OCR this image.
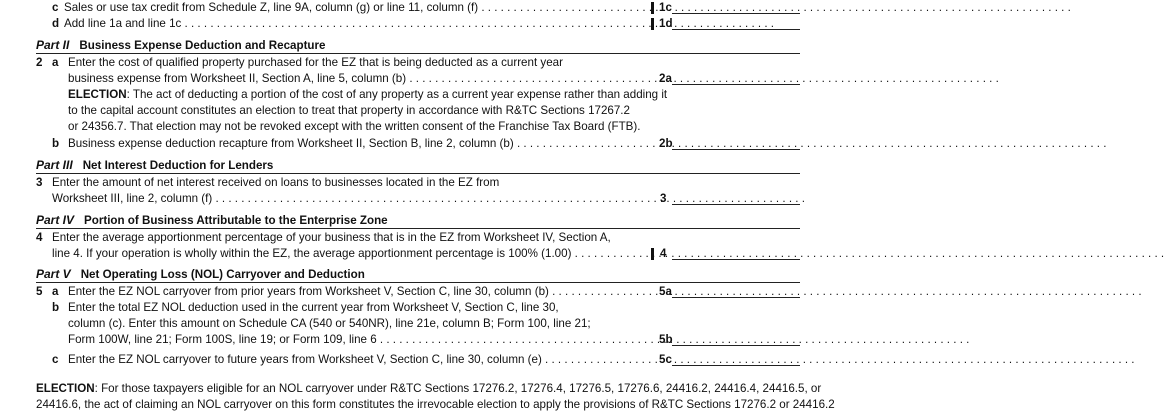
c Sales or use tax credit from Schedule Z, line 9A, column (g) or line 11, column (f) . . .	1c
d Add line 1a and line 1c . . .	1d
Part II Business Expense Deduction and Recapture
2 a Enter the cost of qualified property purchased for the EZ that is being deducted as a current year
business expense from Worksheet II, Section A, line 5, column (b) . . .	2a
ELECTION: The act of deducting a portion of the cost of any property as a current year expense rather than adding it
to the capital account constitutes an election to treat that property in accordance with R&TC Sections 17267.2
or 24356.7. That election may not be revoked except with the written consent of the Franchise Tax Board (FTB).
b Business expense deduction recapture from Worksheet II, Section B, line 2, column (b) . . .	2b
Part III Net Interest Deduction for Lenders
3 Enter the amount of net interest received on loans to businesses located in the EZ from
Worksheet III, line 2, column (f) . . .	3
Part IV Portion of Business Attributable to the Enterprise Zone
4 Enter the average apportionment percentage of your business that is in the EZ from Worksheet IV, Section A,
line 4. If your operation is wholly within the EZ, the average apportionment percentage is 100% (1.00) . . .	4
Part V Net Operating Loss (NOL) Carryover and Deduction
5 a Enter the EZ NOL carryover from prior years from Worksheet V, Section C, line 30, column (b) . . .	5a
b Enter the total EZ NOL deduction used in the current year from Worksheet V, Section C, line 30,
column (c). Enter this amount on Schedule CA (540 or 540NR), line 21e, column B; Form 100, line 21;
Form 100W, line 21; Form 100S, line 19; or Form 109, line 6 . . .	5b
c Enter the EZ NOL carryover to future years from Worksheet V, Section C, line 30, column (e) . . .	5c
ELECTION: For those taxpayers eligible for an NOL carryover under R&TC Sections 17276.2, 17276.4, 17276.5, 17276.6, 24416.2, 24416.4, 24416.5, or
24416.6, the act of claiming an NOL carryover on this form constitutes the irrevocable election to apply the provisions of R&TC Sections 17276.2 or 24416.2
